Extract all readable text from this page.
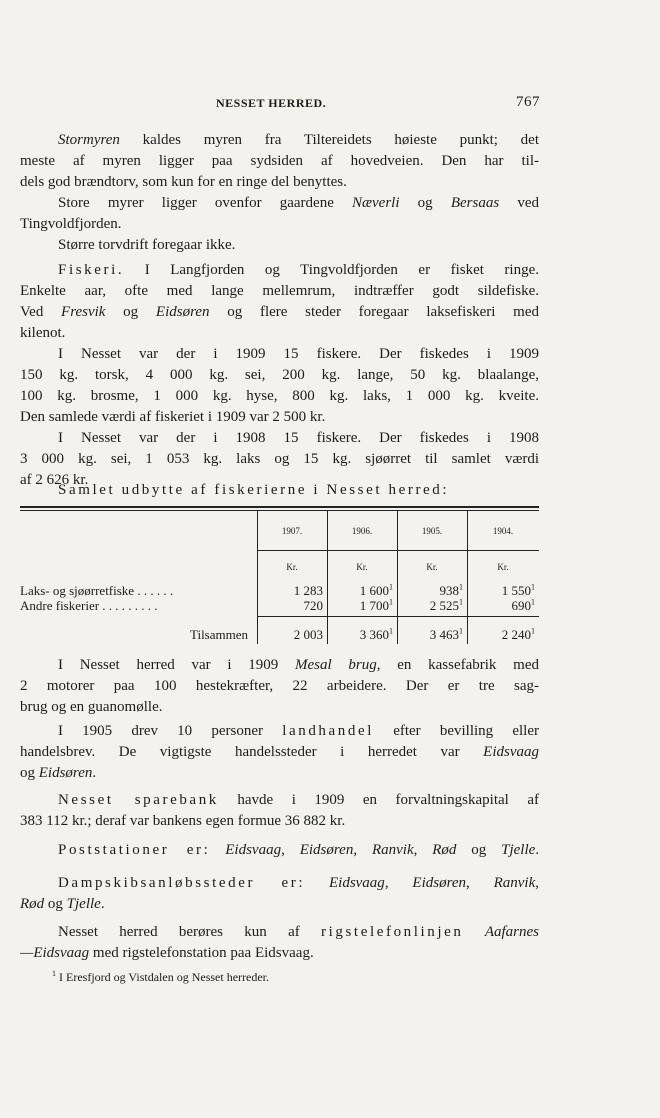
NESSET HERRED.	767
Stormyren kaldes myren fra Tiltereidets høieste punkt; det
meste af myren ligger paa sydsiden af hovedveien. Den har til-
dels god brændtorv, som kun for en ringe del benyttes.
Store myrer ligger ovenfor gaardene Næverli og Bersaas ved
Tingvoldfjorden.
Større torvdrift foregaar ikke.
Fiskeri. I Langfjorden og Tingvoldfjorden er fisket ringe.
Enkelte aar, ofte med lange mellemrum, indtræffer godt sildefiske.
Ved Fresvik og Eidsøren og flere steder foregaar laksefiskeri med
kilenot.
I Nesset var der i 1909 15 fiskere. Der fiskedes i 1909
150 kg. torsk, 4 000 kg. sei, 200 kg. lange, 50 kg. blaalange,
100 kg. brosme, 1 000 kg. hyse, 800 kg. laks, 1 000 kg. kveite.
Den samlede værdi af fiskeriet i 1909 var 2 500 kr.
I Nesset var der i 1908 15 fiskere. Der fiskedes i 1908
3 000 kg. sei, 1 053 kg. laks og 15 kg. sjøørret til samlet værdi
af 2 626 kr.
Samlet udbytte af fiskerierne i Nesset herred:
1907.	1906.	1905.	1904.
Kr.	Kr.	Kr.	Kr.
Laks- og sjøørretfiske . . . . . .	1 283	1 $600^1$	$938^1$	1 $550^1$
Andre fiskerier . . . . . . . . .	720	1 $700^1$	2 $525^1$	$690^1$
Tilsammen	2 003	3 $360^1$	3 $463^1$	2 $240^1$
I Nesset herred var i 1909 Mesal brug, en kassefabrik med
2 motorer paa 100 hestekræfter, 22 arbeidere. Der er tre sag-
brug og en guanomølle.
I 1905 drev 10 personer landhandel efter bevilling eller
handelsbrev. De vigtigste handelssteder i herredet var Eidsvaag
og Eidsøren.
Nesset sparebank havde i 1909 en forvaltningskapital af
383 112 kr.; deraf var bankens egen formue 36 882 kr.
Poststationer er: Eidsvaag, Eidsøren, Ranvik, Rød og Tjelle.
Dampskibsanløbssteder er: Eidsvaag, Eidsøren, Ranvik,
Rød og Tjelle.
Nesset herred berøres kun af rigstelefonlinjen Aafarnes
—Eidsvaag med rigstelefonstation paa Eidsvaag.
$^1$ I Eresfjord og Vistdalen og Nesset herreder.
